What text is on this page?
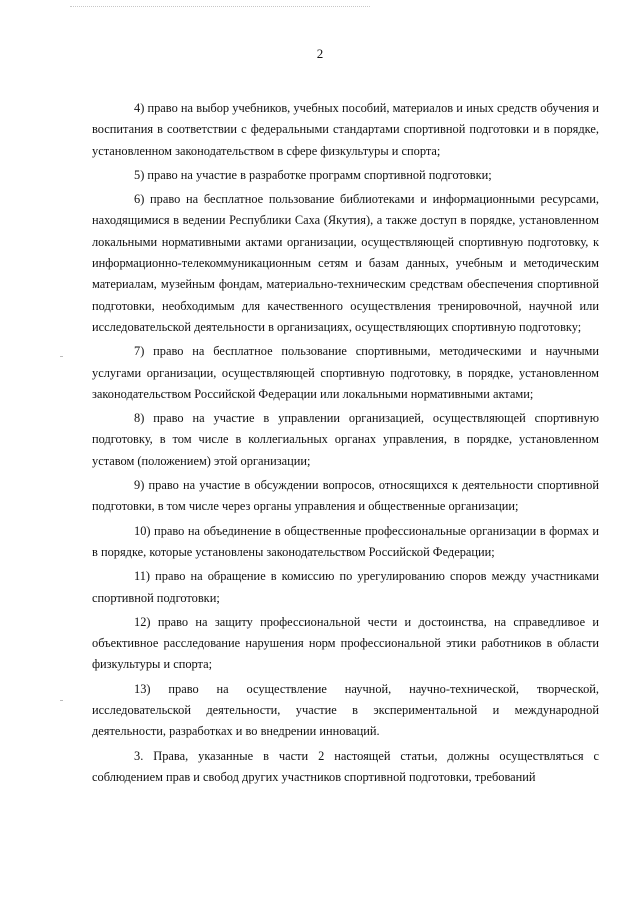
2

4) право на выбор учебников, учебных пособий, материалов и иных средств обучения и воспитания в соответствии с федеральными стандартами спортивной подготовки и в порядке, установленном законодательством в сфере физкультуры и спорта;

5) право на участие в разработке программ спортивной подготовки;

6) право на бесплатное пользование библиотеками и информационными ресурсами, находящимися в ведении Республики Саха (Якутия), а также доступ в порядке, установленном локальными нормативными актами организации, осуществляющей спортивную подготовку, к информационно-телекоммуникационным сетям и базам данных, учебным и методическим материалам, музейным фондам, материально-техническим средствам обеспечения спортивной подготовки, необходимым для качественного осуществления тренировочной, научной или исследовательской деятельности в организациях, осуществляющих спортивную подготовку;

7) право на бесплатное пользование спортивными, методическими и научными услугами организации, осуществляющей спортивную подготовку, в порядке, установленном законодательством Российской Федерации или локальными нормативными актами;

8) право на участие в управлении организацией, осуществляющей спортивную подготовку, в том числе в коллегиальных органах управления, в порядке, установленном уставом (положением) этой организации;

9) право на участие в обсуждении вопросов, относящихся к деятельности спортивной подготовки, в том числе через органы управления и общественные организации;

10) право на объединение в общественные профессиональные организации в формах и в порядке, которые установлены законодательством Российской Федерации;

11) право на обращение в комиссию по урегулированию споров между участниками спортивной подготовки;

12) право на защиту профессиональной чести и достоинства, на справедливое и объективное расследование нарушения норм профессиональной этики работников в области физкультуры и спорта;

13) право на осуществление научной, научно-технической, творческой, исследовательской деятельности, участие в экспериментальной и международной деятельности, разработках и во внедрении инноваций.

3. Права, указанные в части 2 настоящей статьи, должны осуществляться с соблюдением прав и свобод других участников спортивной подготовки, требований
